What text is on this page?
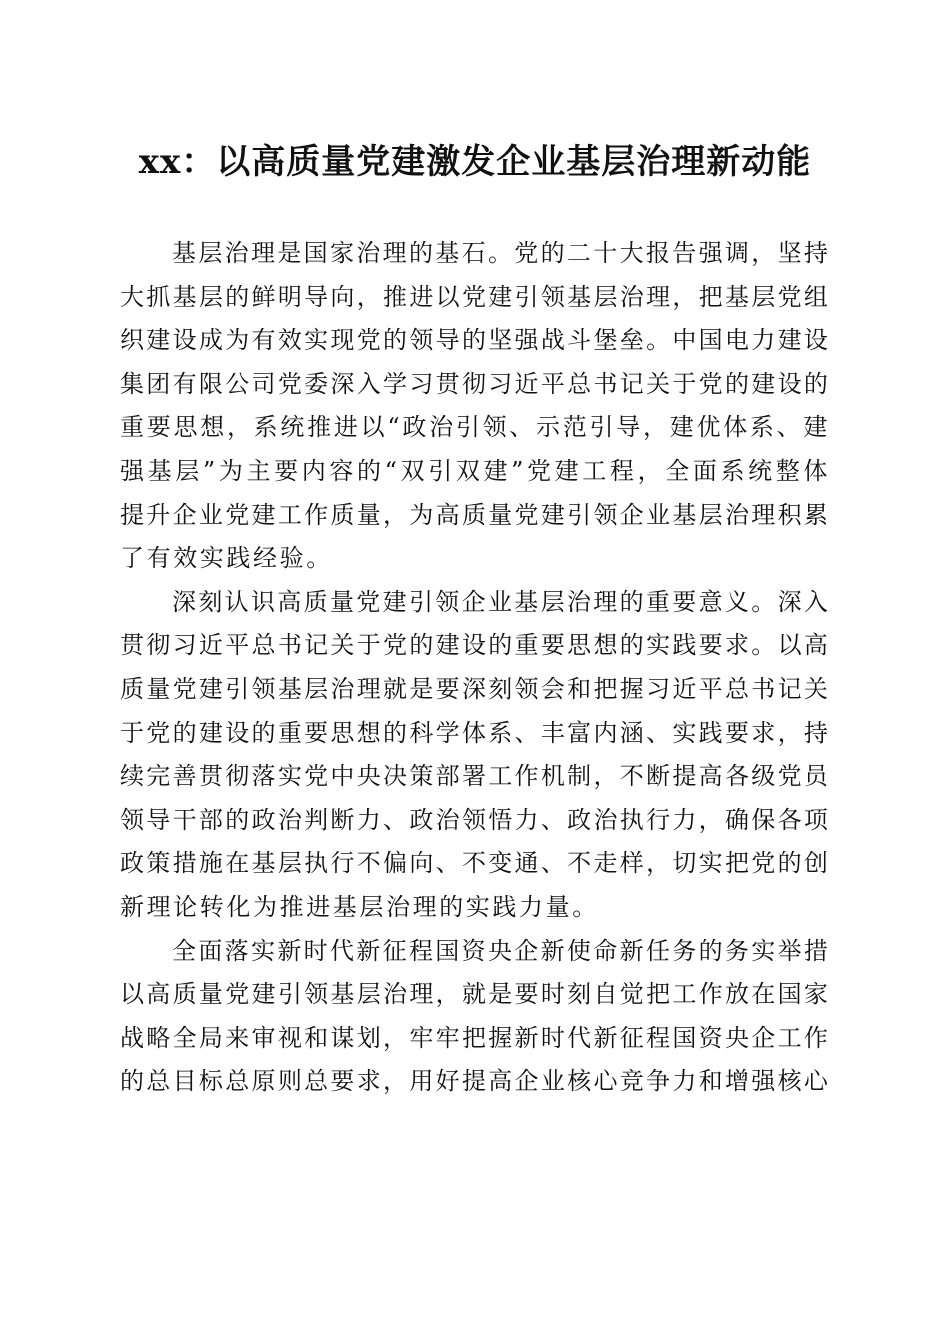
xx：以高质量党建激发企业基层治理新动能
基层治理是国家治理的基石。党的二十大报告强调，坚持
大抓基层的鲜明导向，推进以党建引领基层治理，把基层党组
织建设成为有效实现党的领导的坚强战斗堡垒。中国电力建设
集团有限公司党委深入学习贯彻习近平总书记关于党的建设的
重要思想，系统推进以“政治引领、示范引导，建优体系、建
强基层”为主要内容的“双引双建”党建工程，全面系统整体
提升企业党建工作质量，为高质量党建引领企业基层治理积累
了有效实践经验。
深刻认识高质量党建引领企业基层治理的重要意义。深入
贯彻习近平总书记关于党的建设的重要思想的实践要求。以高
质量党建引领基层治理就是要深刻领会和把握习近平总书记关
于党的建设的重要思想的科学体系、丰富内涵、实践要求，持
续完善贯彻落实党中央决策部署工作机制，不断提高各级党员
领导干部的政治判断力、政治领悟力、政治执行力，确保各项
政策措施在基层执行不偏向、不变通、不走样，切实把党的创
新理论转化为推进基层治理的实践力量。
全面落实新时代新征程国资央企新使命新任务的务实举措
以高质量党建引领基层治理，就是要时刻自觉把工作放在国家
战略全局来审视和谋划，牢牢把握新时代新征程国资央企工作
的总目标总原则总要求，用好提高企业核心竞争力和增强核心
